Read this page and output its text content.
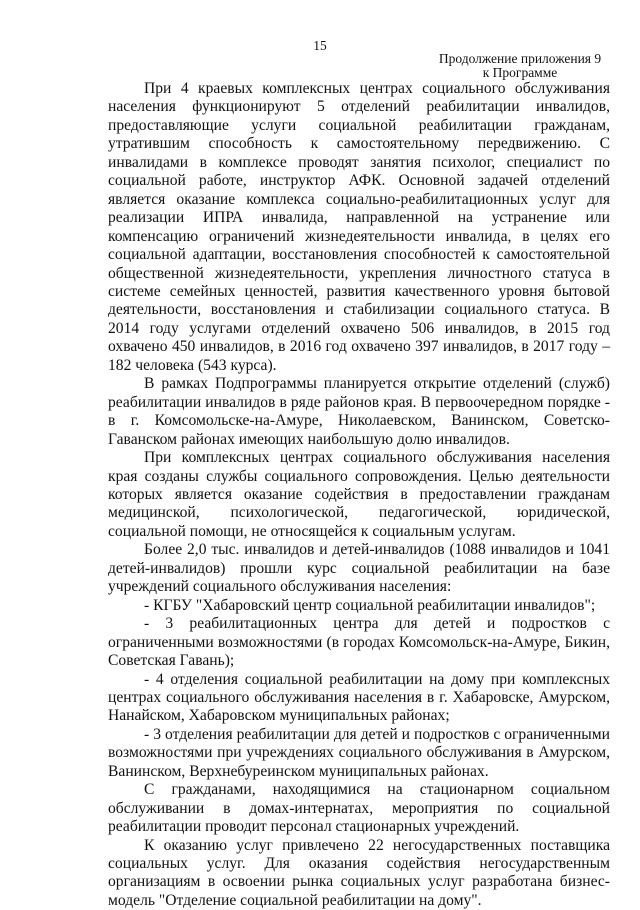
15
Продолжение приложения 9
к Программе

При 4 краевых комплексных центрах социального обслуживания населения функционируют 5 отделений реабилитации инвалидов, предоставляющие услуги социальной реабилитации гражданам, утратившим способность к самостоятельному передвижению. С инвалидами в комплексе проводят занятия психолог, специалист по социальной работе, инструктор АФК. Основной задачей отделений является оказание комплекса социально-реабилитационных услуг для реализации ИПРА инвалида, направленной на устранение или компенсацию ограничений жизнедеятельности инвалида, в целях его социальной адаптации, восстановления способностей к самостоятельной общественной жизнедеятельности, укрепления личностного статуса в системе семейных ценностей, развития качественного уровня бытовой деятельности, восстановления и стабилизации социального статуса. В 2014 году услугами отделений охвачено 506 инвалидов, в 2015 год охвачено 450 инвалидов, в 2016 год охвачено 397 инвалидов, в 2017 году – 182 человека (543 курса).

В рамках Подпрограммы планируется открытие отделений (служб) реабилитации инвалидов в ряде районов края. В первоочередном порядке - в г. Комсомольске-на-Амуре, Николаевском, Ванинском, Советско-Гаванском районах имеющих наибольшую долю инвалидов.

При комплексных центрах социального обслуживания населения края созданы службы социального сопровождения. Целью деятельности которых является оказание содействия в предоставлении гражданам медицинской, психологической, педагогической, юридической, социальной помощи, не относящейся к социальным услугам.

Более 2,0 тыс. инвалидов и детей-инвалидов (1088 инвалидов и 1041 детей-инвалидов) прошли курс социальной реабилитации на базе учреждений социального обслуживания населения:

- КГБУ "Хабаровский центр социальной реабилитации инвалидов";

- 3 реабилитационных центра для детей и подростков с ограниченными возможностями (в городах Комсомольск-на-Амуре, Бикин, Советская Гавань);

- 4 отделения социальной реабилитации на дому при комплексных центрах социального обслуживания населения в г. Хабаровске, Амурском, Нанайском, Хабаровском муниципальных районах;

- 3 отделения реабилитации для детей и подростков с ограниченными возможностями при учреждениях социального обслуживания в Амурском, Ванинском, Верхнебуреинском муниципальных районах.

С гражданами, находящимися на стационарном социальном обслуживании в домах-интернатах, мероприятия по социальной реабилитации проводит персонал стационарных учреждений.

К оказанию услуг привлечено 22 негосударственных поставщика социальных услуг. Для оказания содействия негосударственным организациям в освоении рынка социальных услуг разработана бизнес-модель "Отделение социальной реабилитации на дому".
